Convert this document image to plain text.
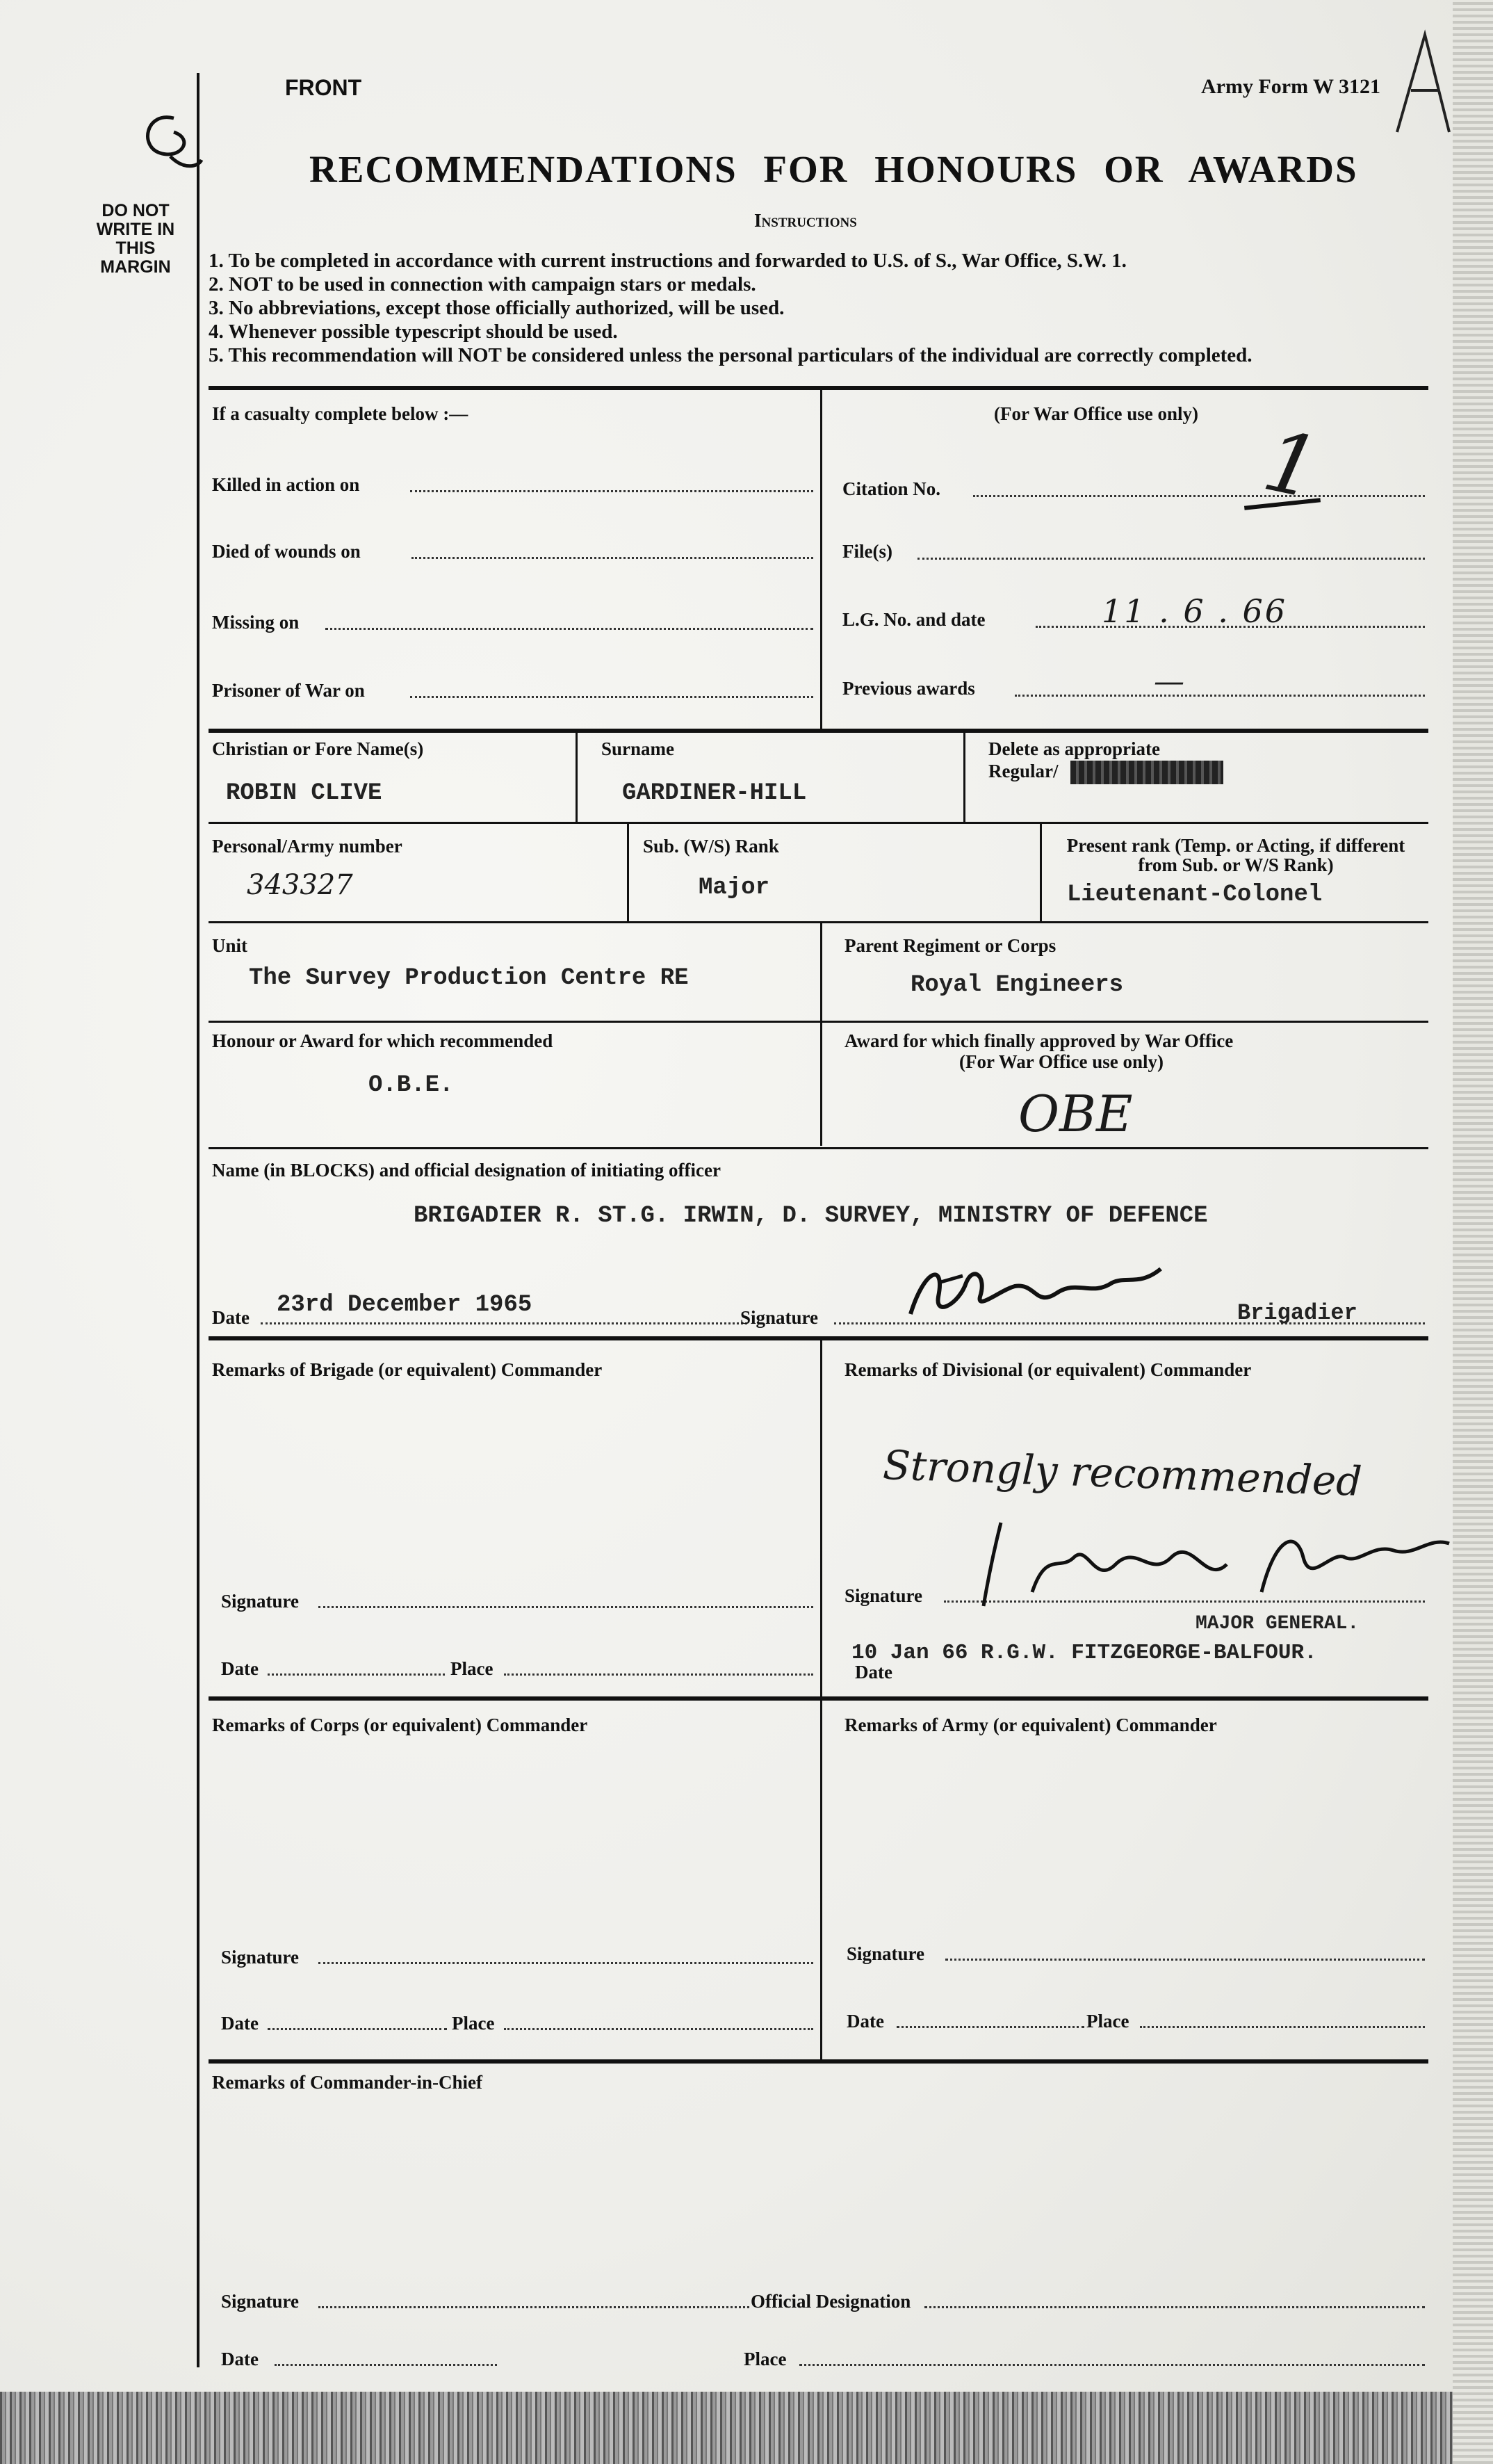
DO NOT
WRITE IN
THIS
MARGIN
FRONT	Army Form W 3121
RECOMMENDATIONS FOR HONOURS OR AWARDS
Instructions
1. To be completed in accordance with current instructions and forwarded to U.S. of S., War Office, S.W. 1.
2. NOT to be used in connection with campaign stars or medals.
3. No abbreviations, except those officially authorized, will be used.
4. Whenever possible typescript should be used.
5. This recommendation will NOT be considered unless the personal particulars of the individual are correctly completed.
If a casualty complete below :—
Killed in action on
Died of wounds on
Missing on
Prisoner of War on
(For War Office use only)
Citation No.	1
File(s)
L.G. No. and date	11 . 6 . 66
Previous awards	—
Christian or Fore Name(s)
ROBIN CLIVE
Surname
GARDINER-HILL
Delete as appropriate
Regular/
Personal/Army number
343327
Sub. (W/S) Rank
Major
Present rank (Temp. or Acting, if different from Sub. or W/S Rank)
Lieutenant-Colonel
Unit
The Survey Production Centre RE
Parent Regiment or Corps
Royal Engineers
Honour or Award for which recommended
O.B.E.
Award for which finally approved by War Office
(For War Office use only)
OBE
Name (in BLOCKS) and official designation of initiating officer
BRIGADIER R. ST.G. IRWIN, D. SURVEY, MINISTRY OF DEFENCE
Date 23rd December 1965	Signature	Brigadier
Remarks of Brigade (or equivalent) Commander
Signature
Date	Place
Remarks of Divisional (or equivalent) Commander
Strongly recommended
Signature
MAJOR GENERAL.
Date
10 Jan 66 R.G.W. FITZGEORGE-BALFOUR.
Remarks of Corps (or equivalent) Commander
Signature
Date	Place
Remarks of Army (or equivalent) Commander
Signature
Date	Place
Remarks of Commander-in-Chief
Signature	Official Designation
Date	Place
